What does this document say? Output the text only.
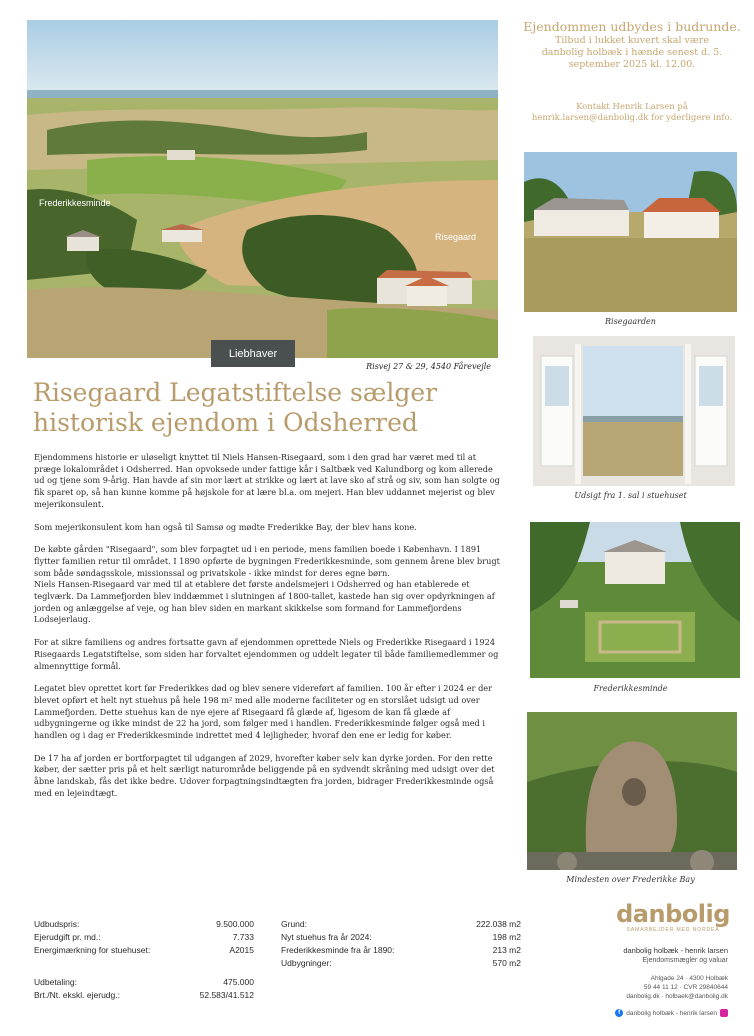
Frederikkesminde
Risegaard
Liebhaver
Risvej 27 & 29, 4540 Fårevejle
Risegaard Legatstiftelse sælger historisk ejendom i Odsherred

Ejendommens historie er uløseligt knyttet til Niels Hansen-Risegaard, som i den grad har været med til at præge lokalområdet i Odsherred. Han opvoksede under fattige kår i Saltbæk ved Kalundborg og kom allerede ud og tjene som 9-årig. Han havde af sin mor lært at strikke og lært at lave sko af strå og siv, som han solgte og fik sparet op, så han kunne komme på højskole for at lære bl.a. om mejeri. Han blev uddannet mejerist og blev mejerikonsulent.

Som mejerikonsulent kom han også til Samsø og mødte Frederikke Bay, der blev hans kone.

De købte gården "Risegaard", som blev forpagtet ud i en periode, mens familien boede i København. I 1891 flytter familien retur til området. I 1890 opførte de bygningen Frederikkesminde, som gennem årene blev brugt som både søndagsskole, missionssal og privatskole - ikke mindst for deres egne børn.

Niels Hansen-Risegaard var med til at etablere det første andelsmejeri i Odsherred og han etablerede et teglværk. Da Lammefjorden blev inddæmmet i slutningen af 1800-tallet, kastede han sig over opdyrkningen af jorden og anlæggelse af veje, og han blev siden en markant skikkelse som formand for Lammefjordens Lodsejerlaug.

For at sikre familiens og andres fortsatte gavn af ejendommen oprettede Niels og Frederikke Risegaard i 1924 Risegaards Legatstiftelse, som siden har forvaltet ejendommen og uddelt legater til både familiemedlemmer og almennyttige formål.

Legatet blev oprettet kort før Frederikkes død og blev senere videreført af familien. 100 år efter i 2024 er der blevet opført et helt nyt stuehus på hele 198 m² med alle moderne faciliteter og en storslået udsigt ud over Lammefjorden. Dette stuehus kan de nye ejere af Risegaard få glæde af, ligesom de kan få glæde af udbygningerne og ikke mindst de 22 ha jord, som følger med i handlen. Frederikkesminde følger også med i handlen og i dag er Frederikkesminde indrettet med 4 lejligheder, hvoraf den ene er ledig for køber.

De 17 ha af jorden er bortforpagtet til udgangen af 2029, hvorefter køber selv kan dyrke jorden. For den rette køber, der sætter pris på et helt særligt naturområde beliggende på en sydvendt skråning med udsigt over det åbne landskab, fås det ikke bedre. Udover forpagtningsindtægten fra jorden, bidrager Frederikkesminde også med en lejeindtægt.

Udbudspris:	9.500.000
Ejerudgift pr. md.:	7.733
Energimærkning for stuehuset:	A2015
Udbetaling:	475.000
Brt./Nt. ekskl. ejerudg.:	52.583/41.512
Grund:	222.038 m2
Nyt stuehus fra år 2024:	198 m2
Frederikkesminde fra år 1890:	213 m2
Udbygninger:	570 m2
Ejendommen udbydes i budrunde.
Tilbud i lukket kuvert skal være
danbolig holbæk i hænde senest d. 5.
september 2025 kl. 12.00.
Kontakt Henrik Larsen på
henrik.larsen@danbolig.dk for yderligere info.
Risegaarden
Udsigt fra 1. sal i stuehuset
Frederikkesminde
Mindesten over Frederikke Bay
danbolig
SAMARBEJDER MED NORDEA
danbolig holbæk - henrik larsen
Ejendomsmægler og valuar
Ahlgade 24 · 4300 Holbæk
59 44 11 12 · CVR 29840644
danbolig.dk · holbaek@danbolig.dk
f danbolig holbæk - henrik larsen
